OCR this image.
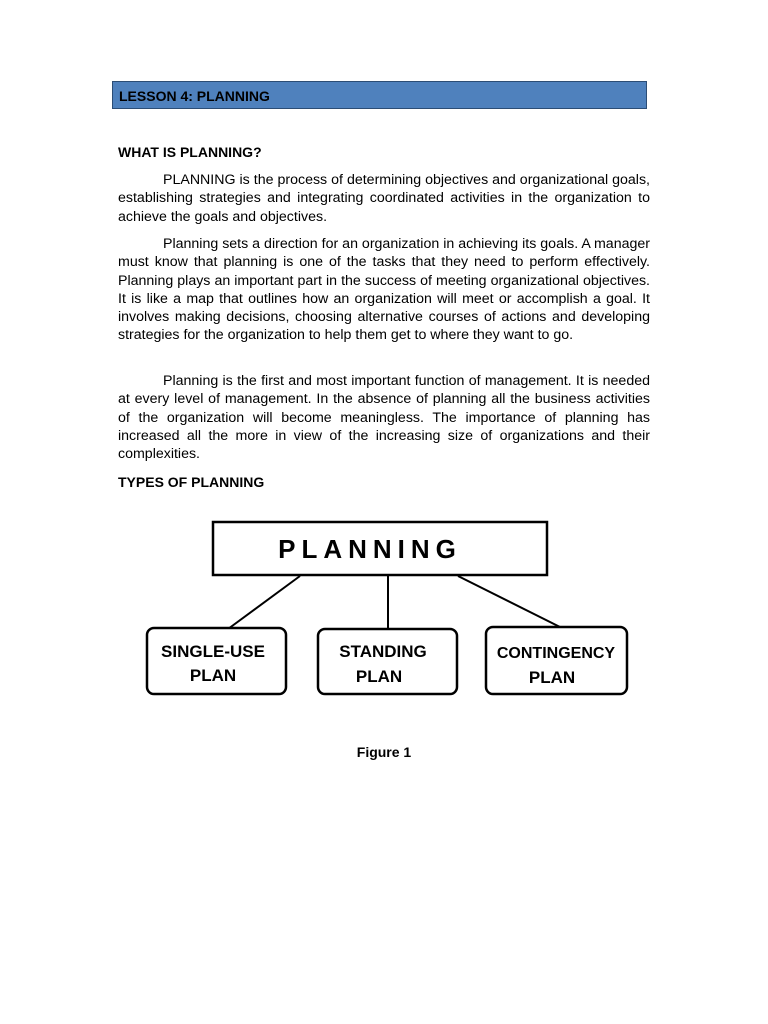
LESSON 4: PLANNING
WHAT IS PLANNING?

PLANNING is the process of determining objectives and organizational goals, establishing strategies and integrating coordinated activities in the organization to achieve the goals and objectives.

Planning sets a direction for an organization in achieving its goals. A manager must know that planning is one of the tasks that they need to perform effectively. Planning plays an important part in the success of meeting organizational objectives. It is like a map that outlines how an organization will meet or accomplish a goal. It involves making decisions, choosing alternative courses of actions and developing strategies for the organization to help them get to where they want to go.

Planning is the first and most important function of management. It is needed at every level of management. In the absence of planning all the business activities of the organization will become meaningless. The importance of planning has increased all the more in view of the increasing size of organizations and their complexities.

TYPES OF PLANNING
PLANNING
SINGLE-USE
PLAN
STANDING
PLAN
CONTINGENCY
PLAN
Figure 1
